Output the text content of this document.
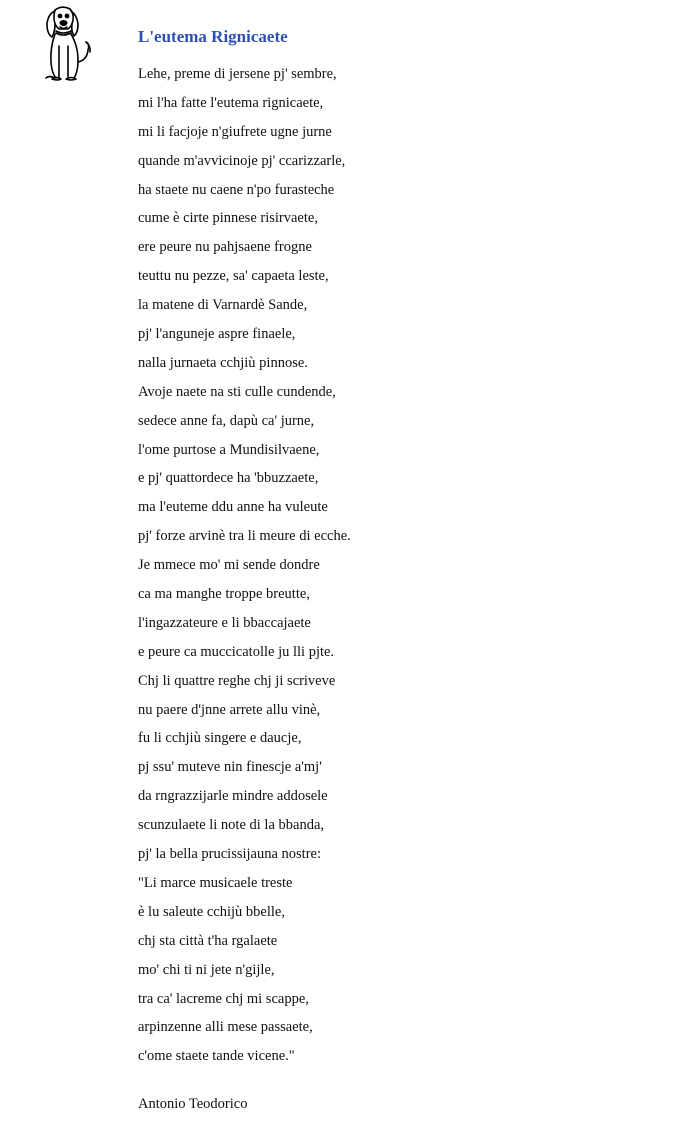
L'eutema Rignicaete
Lehe, preme di jersene pj' sembre,
mi l'ha fatte l'eutema rignicaete,
mi li facjoje n'giufrete ugne jurne
quande m'avvicinoje pj' ccarizzarle,
ha staete nu caene n'po furasteche
cume è cirte pinnese risirvaete,
ere peure nu pahjsaene frogne
teuttu nu pezze, sa' capaeta leste,
la matene di Varnardè Sande,
pj' l'anguneje aspre finaele,
nalla jurnaeta cchjiù pinnose.
Avoje naete na sti culle cundende,
sedece anne fa, dapù ca' jurne,
l'ome purtose a Mundisilvaene,
e pj' quattordece ha 'bbuzzaete,
ma l'euteme ddu anne ha vuleute
pj' forze arvinè tra li meure di ecche.
Je mmece mo' mi sende dondre
ca ma manghe troppe breutte,
l'ingazzateure e li bbaccajaete
e peure ca muccicatolle ju lli pjte.
Chj li quattre reghe chj ji scriveve
nu paere d'jnne arrete allu vinè,
fu li cchjiù singere e daucje,
pj ssu' muteve nin finescje a'mj'
da rngrazzijarle mindre addosele
scunzulaete li note di la bbanda,
pj' la bella prucissijauna nostre:
"Li marce musicaele treste
è lu saleute cchijù bbelle,
chj sta città t'ha rgalaete
mo' chi ti ni jete n'gijle,
tra ca' lacreme chj mi scappe,
arpinzenne alli mese passaete,
c'ome staete tande vicene."
Antonio Teodorico
